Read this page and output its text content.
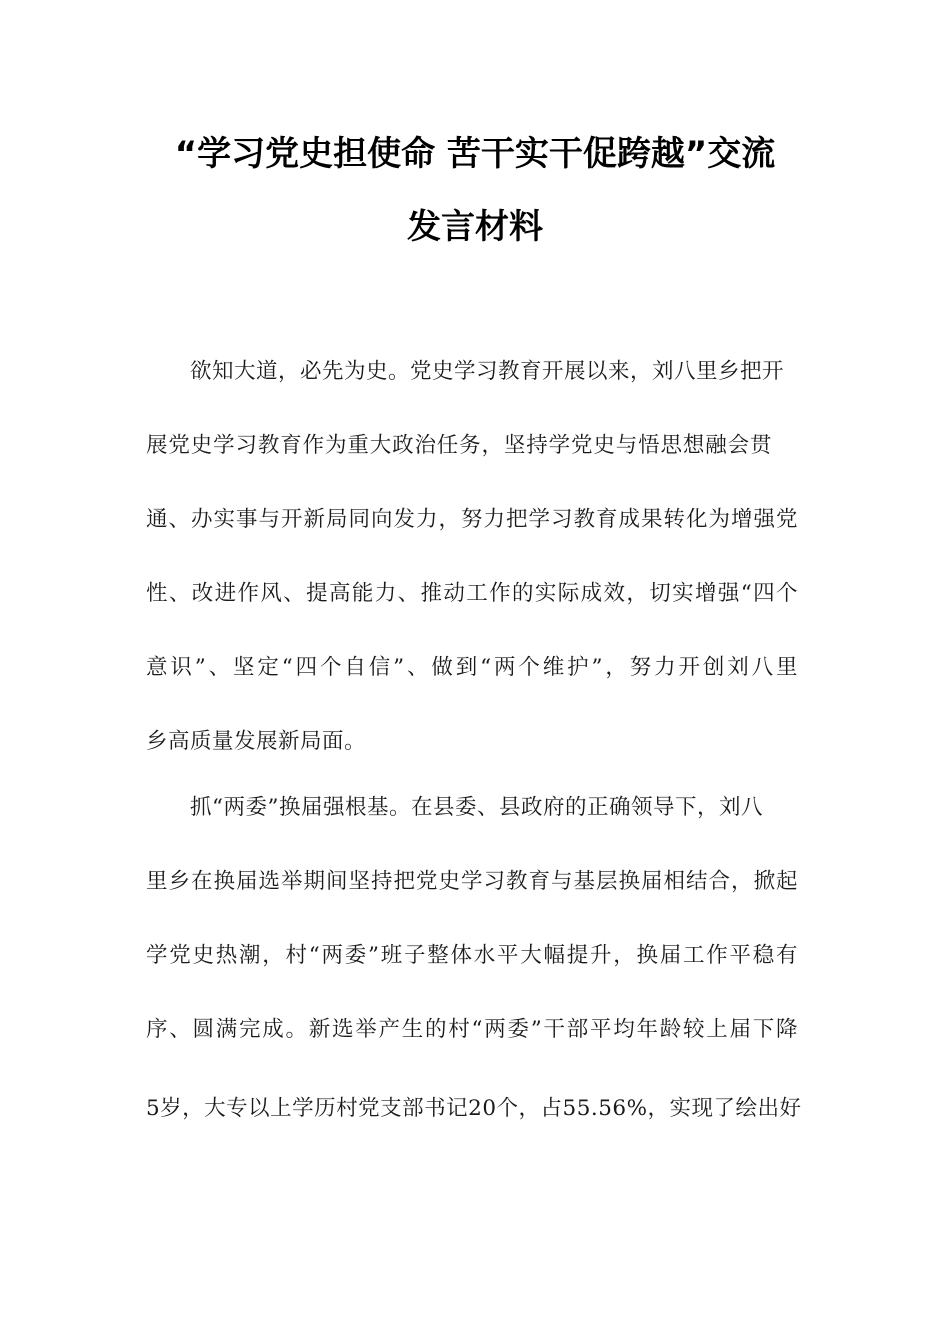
“学习党史担使命 苦干实干促跨越”交流
发言材料
欲知大道，必先为史。党史学习教育开展以来，刘八里乡把开
展党史学习教育作为重大政治任务，坚持学党史与悟思想融会贯
通、办实事与开新局同向发力，努力把学习教育成果转化为增强党
性、改进作风、提高能力、推动工作的实际成效，切实增强“四个
意识”、坚定“四个自信”、做到“两个维护”，努力开创刘八里
乡高质量发展新局面。
抓“两委”换届强根基。在县委、县政府的正确领导下，刘八
里乡在换届选举期间坚持把党史学习教育与基层换届相结合，掀起
学党史热潮，村“两委”班子整体水平大幅提升，换届工作平稳有
序、圆满完成。新选举产生的村“两委”干部平均年龄较上届下降
5岁，大专以上学历村党支部书记20个，占55.56%，实现了绘出好
